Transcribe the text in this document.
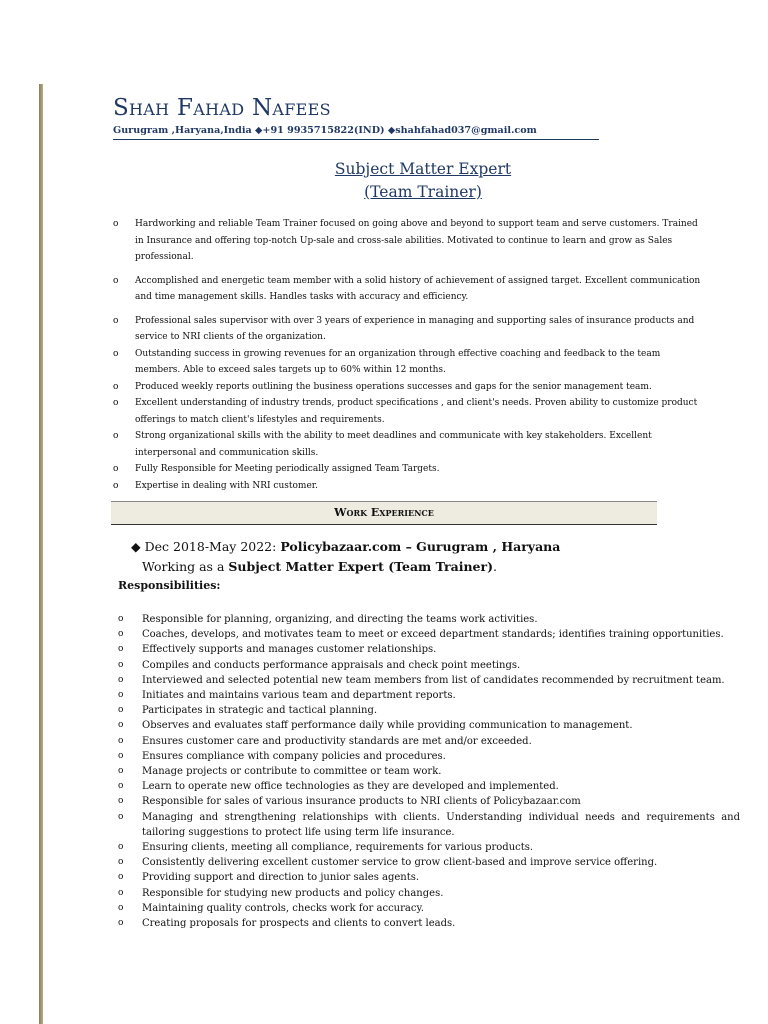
Shah Fahad Nafees
Gurugram ,Haryana,India ◆+91 9935715822(IND) ◆shahfahad037@gmail.com
Subject Matter Expert
(Team Trainer)
o Hardworking and reliable Team Trainer focused on going above and beyond to support team and serve customers. Trained in Insurance and offering top-notch Up-sale and cross-sale abilities. Motivated to continue to learn and grow as Sales professional.
o Accomplished and energetic team member with a solid history of achievement of assigned target. Excellent communication and time management skills. Handles tasks with accuracy and efficiency.
o Professional sales supervisor with over 3 years of experience in managing and supporting sales of insurance products and service to NRI clients of the organization.
o Outstanding success in growing revenues for an organization through effective coaching and feedback to the team members. Able to exceed sales targets up to 60% within 12 months.
o Produced weekly reports outlining the business operations successes and gaps for the senior management team.
o Excellent understanding of industry trends, product specifications , and client's needs. Proven ability to customize product offerings to match client's lifestyles and requirements.
o Strong organizational skills with the ability to meet deadlines and communicate with key stakeholders. Excellent interpersonal and communication skills.
o Fully Responsible for Meeting periodically assigned Team Targets.
o Expertise in dealing with NRI customer.
Work Experience
◆ Dec 2018-May 2022: Policybazaar.com – Gurugram , Haryana
Working as a Subject Matter Expert (Team Trainer).
Responsibilities:
o Responsible for planning, organizing, and directing the teams work activities.
o Coaches, develops, and motivates team to meet or exceed department standards; identifies training opportunities.
o Effectively supports and manages customer relationships.
o Compiles and conducts performance appraisals and check point meetings.
o Interviewed and selected potential new team members from list of candidates recommended by recruitment team.
o Initiates and maintains various team and department reports.
o Participates in strategic and tactical planning.
o Observes and evaluates staff performance daily while providing communication to management.
o Ensures customer care and productivity standards are met and/or exceeded.
o Ensures compliance with company policies and procedures.
o Manage projects or contribute to committee or team work.
o Learn to operate new office technologies as they are developed and implemented.
o Responsible for sales of various insurance products to NRI clients of Policybazaar.com
o Managing and strengthening relationships with clients. Understanding individual needs and requirements and tailoring suggestions to protect life using term life insurance.
o Ensuring clients, meeting all compliance, requirements for various products.
o Consistently delivering excellent customer service to grow client-based and improve service offering.
o Providing support and direction to junior sales agents.
o Responsible for studying new products and policy changes.
o Maintaining quality controls, checks work for accuracy.
o Creating proposals for prospects and clients to convert leads.
